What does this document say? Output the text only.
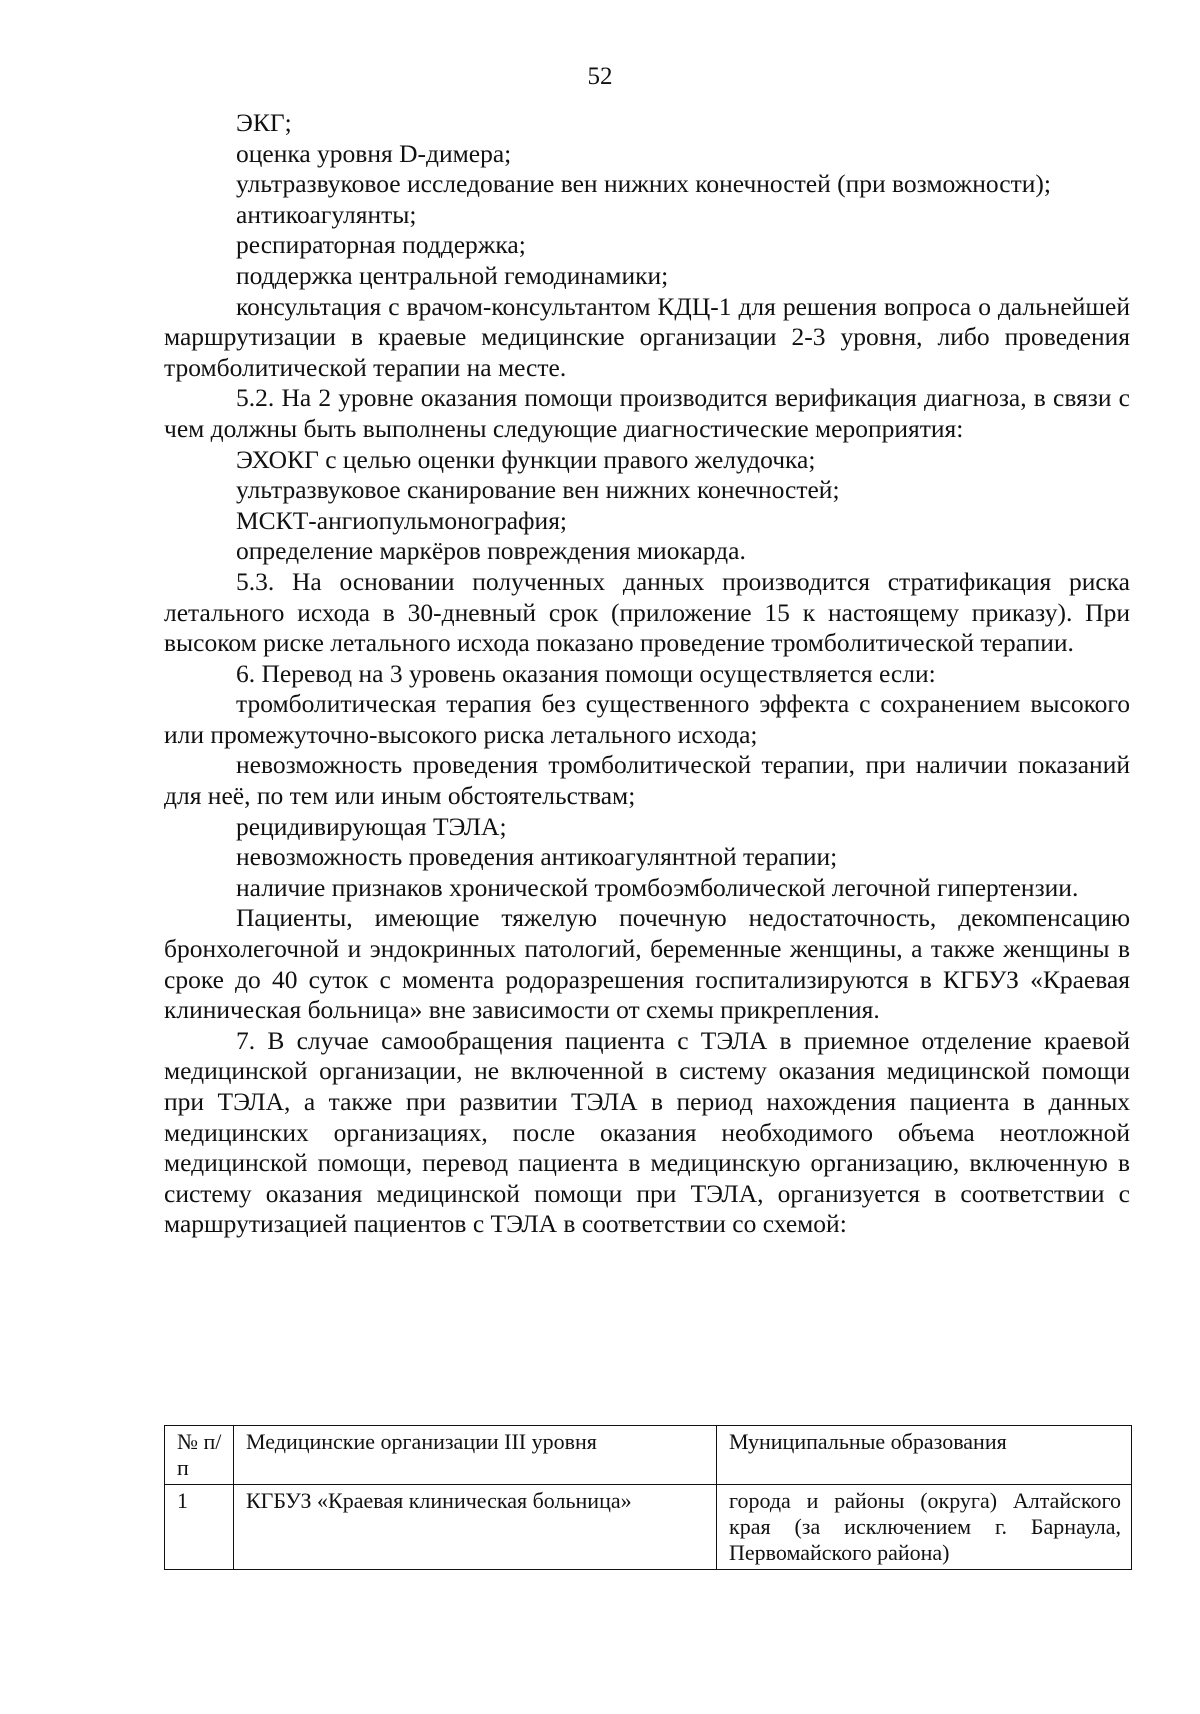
52

ЭКГ;

оценка уровня D-димера;

ультразвуковое исследование вен нижних конечностей (при возможности);

антикоагулянты;

респираторная поддержка;

поддержка центральной гемодинамики;

консультация с врачом-консультантом КДЦ-1 для решения вопроса о дальнейшей маршрутизации в краевые медицинские организации 2-3 уровня, либо проведения тромболитической терапии на месте.

5.2. На 2 уровне оказания помощи производится верификация диагноза, в связи с чем должны быть выполнены следующие диагностические мероприятия:

ЭХОКГ с целью оценки функции правого желудочка;

ультразвуковое сканирование вен нижних конечностей;

МСКТ-ангиопульмонография;

определение маркёров повреждения миокарда.

5.3. На основании полученных данных производится стратификация риска летального исхода в 30-дневный срок (приложение 15 к настоящему приказу). При высоком риске летального исхода показано проведение тромболитической терапии.

6. Перевод на 3 уровень оказания помощи осуществляется если:

тромболитическая терапия без существенного эффекта с сохранением высокого или промежуточно-высокого риска летального исхода;

невозможность проведения тромболитической терапии, при наличии показаний для неё, по тем или иным обстоятельствам;

рецидивирующая ТЭЛА;

невозможность проведения антикоагулянтной терапии;

наличие признаков хронической тромбоэмболической легочной гипертензии.

Пациенты, имеющие тяжелую почечную недостаточность, декомпенсацию бронхолегочной и эндокринных патологий, беременные женщины, а также женщины в сроке до 40 суток с момента родоразрешения госпитализируются в КГБУЗ «Краевая клиническая больница» вне зависимости от схемы прикрепления.

7. В случае самообращения пациента с ТЭЛА в приемное отделение краевой медицинской организации, не включенной в систему оказания медицинской помощи при ТЭЛА, а также при развитии ТЭЛА в период нахождения пациента в данных медицинских организациях, после оказания необходимого объема неотложной медицинской помощи, перевод пациента в медицинскую организацию, включенную в систему оказания медицинской помощи при ТЭЛА, организуется в соответствии с маршрутизацией пациентов с ТЭЛА в соответствии со схемой:

№ п/п	Медицинские организации III уровня	Муниципальные образования
1	КГБУЗ «Краевая клиническая больница»	города и районы (округа) Алтайского края (за исключением г. Барнаула, Первомайского района)
